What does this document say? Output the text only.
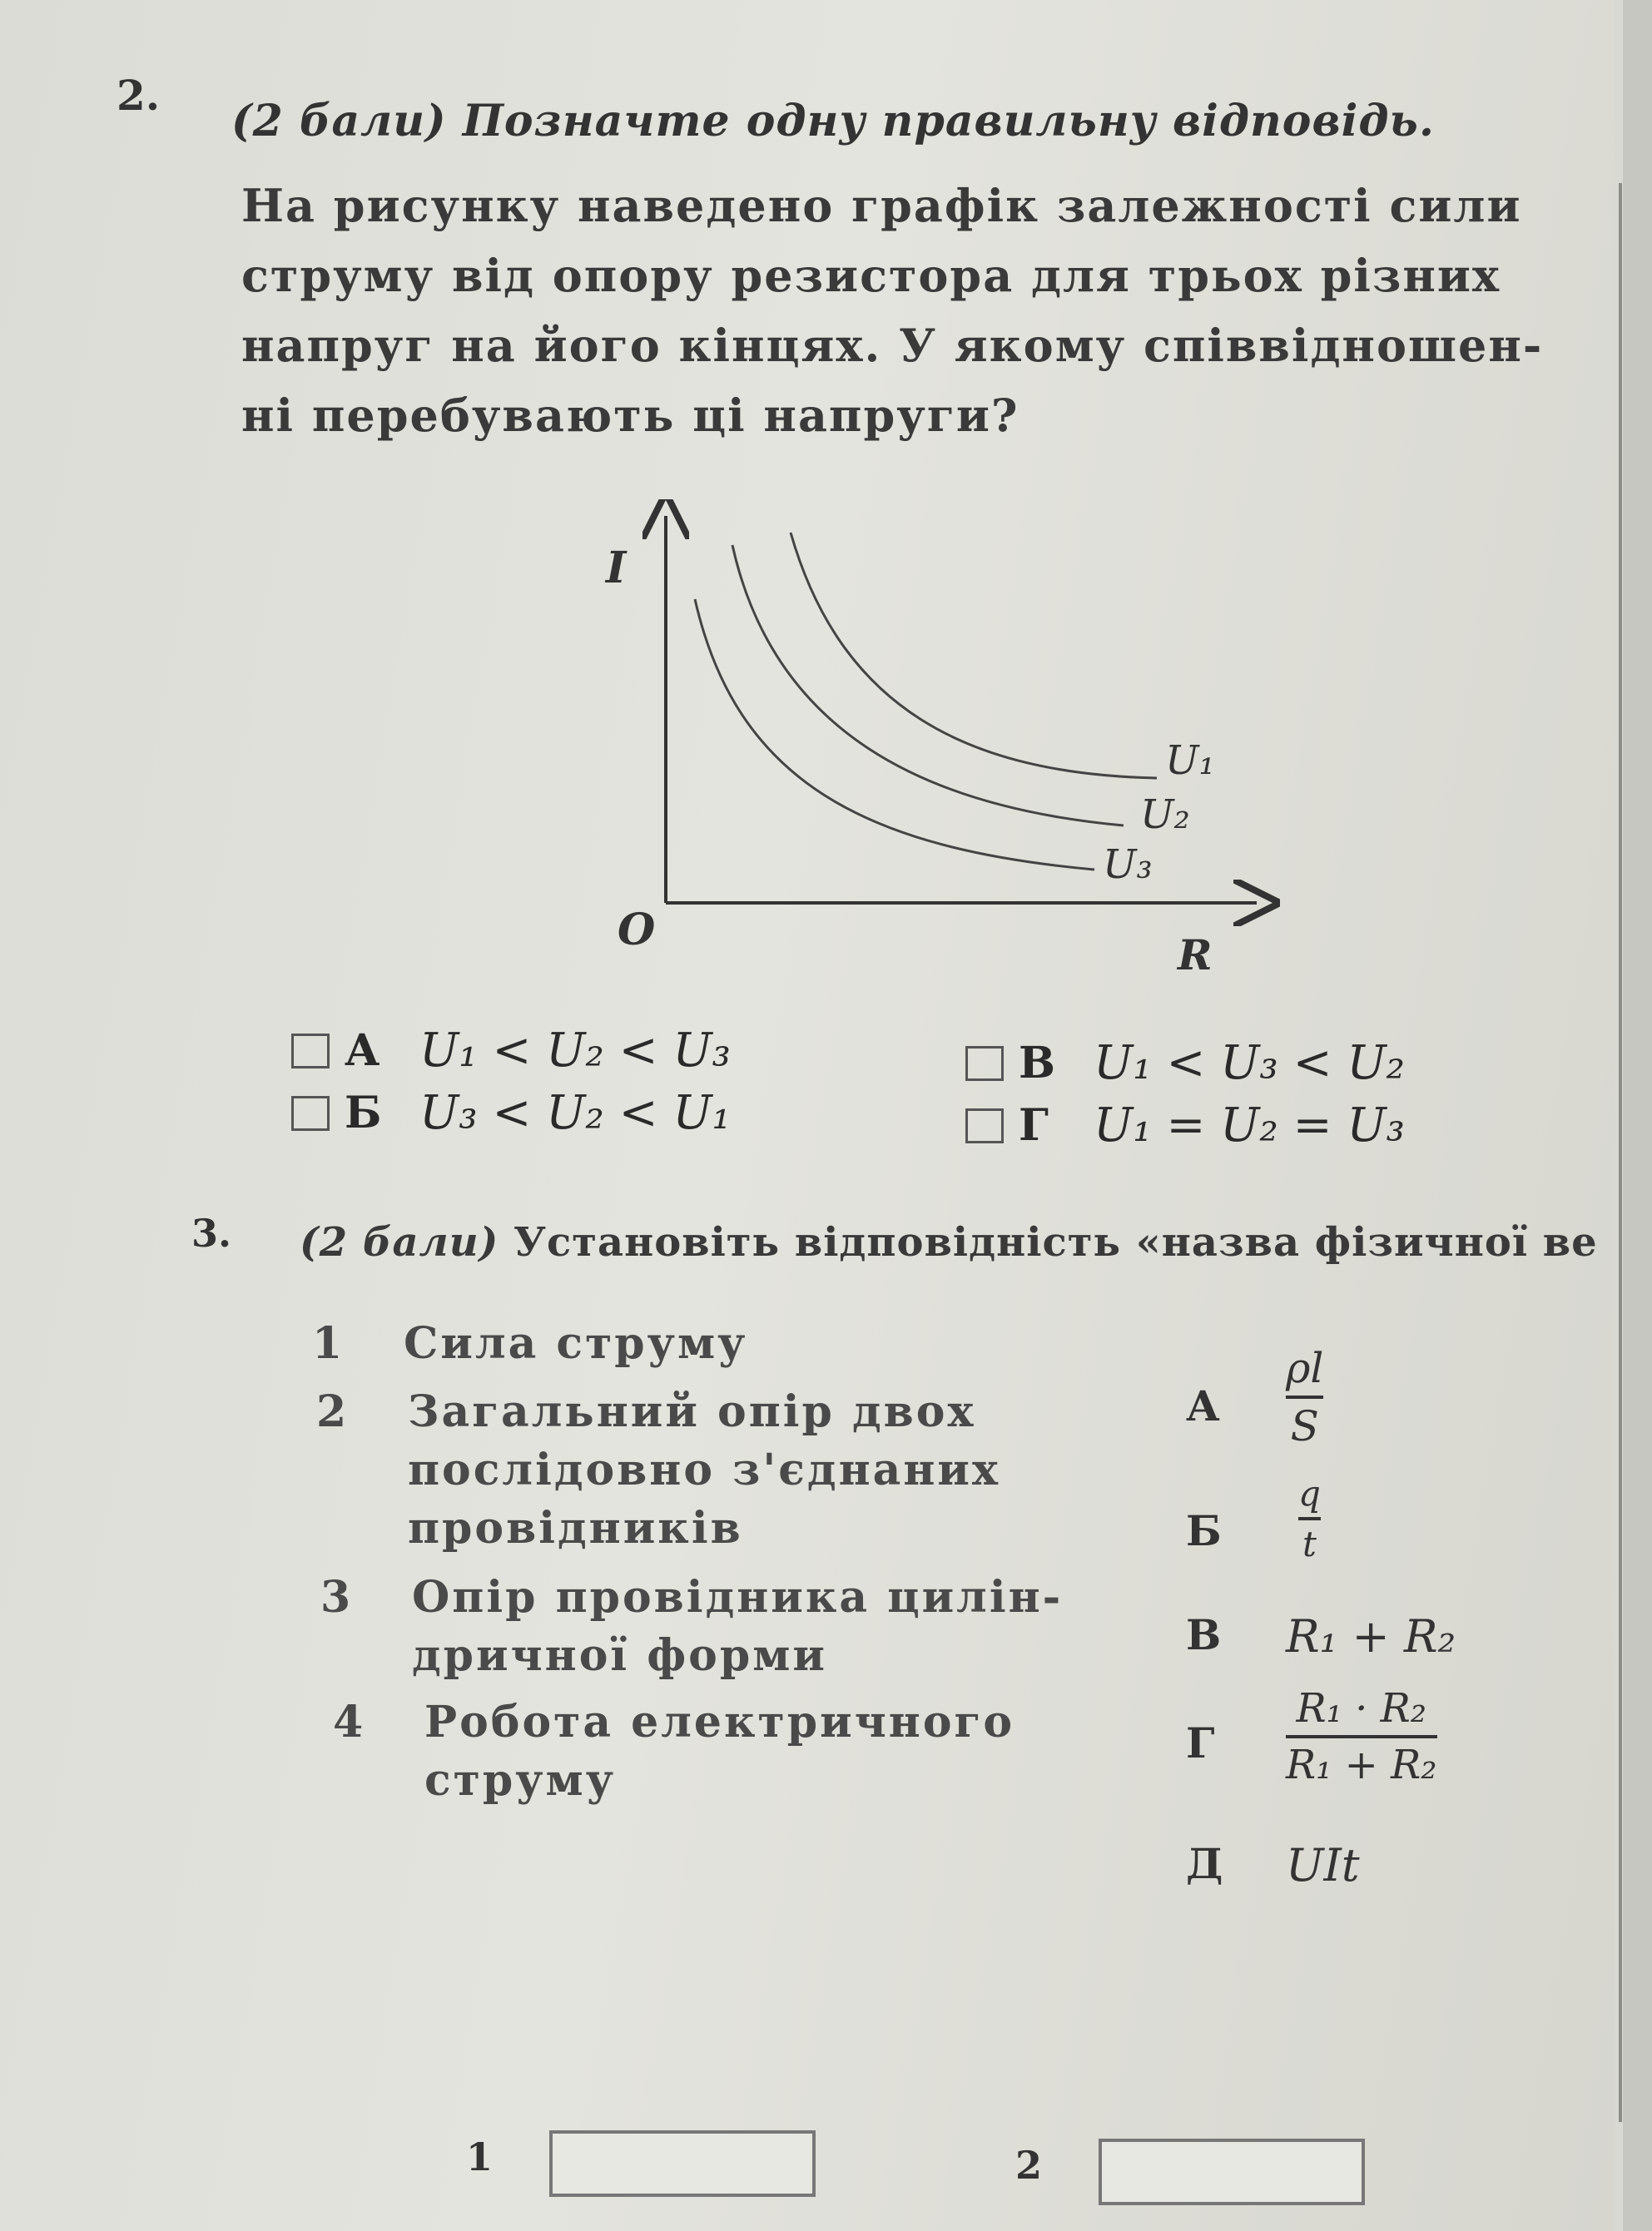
2.
(2 бали) Позначте одну правильну відповідь.
На рисунку наведено графік залежності сили
струму від опору резистора для трьох різних
напруг на його кінцях. У якому співвідношен-
ні перебувають ці напруги?
I
R
O
U₁
U₂
U₃
А U₁ < U₂ < U₃
Б U₃ < U₂ < U₁
В U₁ < U₃ < U₂
Г U₁ = U₂ = U₃
3. (2 бали) Установіть відповідність «назва фізичної ве
1 Сила струму
2 Загальний опір двох
послідовно з'єднаних
провідників
3 Опір провідника цилін-
дричної форми
4 Робота електричного
струму
А
ρl
S
Б
q
t
В R₁ + R₂
Г
R₁ · R₂
R₁ + R₂
Д UIt
1	2
